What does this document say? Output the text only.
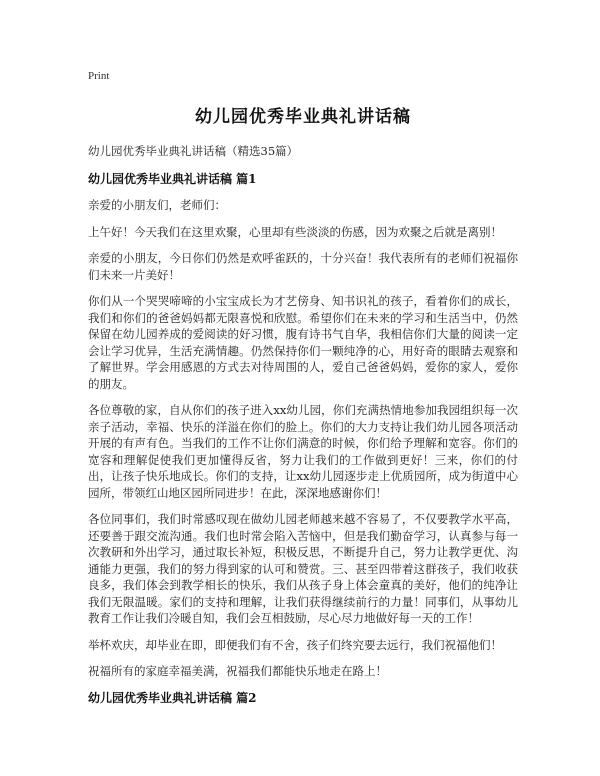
Print
幼儿园优秀毕业典礼讲话稿

幼儿园优秀毕业典礼讲话稿（精选35篇）

幼儿园优秀毕业典礼讲话稿 篇1

亲爱的小朋友们，老师们：

上午好！今天我们在这里欢聚，心里却有些淡淡的伤感，因为欢聚之后就是离别！

亲爱的小朋友，今日你们仍然是欢呼雀跃的，十分兴奋！我代表所有的老师们祝福你们未来一片美好！

你们从一个哭哭啼啼的小宝宝成长为才艺傍身、知书识礼的孩子，看着你们的成长，我们和你们的爸爸妈妈都无限喜悦和欣慰。希望你们在未来的学习和生活当中，仍然保留在幼儿园养成的爱阅读的好习惯，腹有诗书气自华，我相信你们大量的阅读一定会让学习优异，生活充满情趣。仍然保持你们一颗纯净的心，用好奇的眼睛去观察和了解世界。学会用感恩的方式去对待周围的人，爱自己爸爸妈妈，爱你的家人，爱你的朋友。

各位尊敬的家，自从你们的孩子进入xx幼儿园，你们充满热情地参加我园组织每一次亲子活动，幸福、快乐的洋溢在你们的脸上。你们的大力支持让我们幼儿园各项活动开展的有声有色。当我们的工作不让你们满意的时候，你们给予理解和宽容。你们的宽容和理解促使我们更加懂得反省，努力让我们的工作做到更好！三来，你们的付出，让孩子快乐地成长。你们的支持，让xx幼儿园逐步走上优质园所，成为街道中心园所，带领红山地区园所同进步！在此，深深地感谢你们！

各位同事们，我们时常感叹现在做幼儿园老师越来越不容易了，不仅要教学水平高，还要善于跟交流沟通。我们也时常会陷入苦恼中，但是我们勤奋学习，认真参与每一次教研和外出学习，通过取长补短，积极反思，不断提升自己，努力让教学更优、沟通能力更强，我们的努力得到家的认可和赞赏。三、甚至四带着这群孩子，我们收获良多，我们体会到教学相长的快乐，我们从孩子身上体会童真的美好，他们的纯净让我们无限温暖。家们的支持和理解，让我们获得继续前行的力量！同事们，从事幼儿教育工作让我们冷暖自知，我们会互相鼓励，尽心尽力地做好每一天的工作！

举杯欢庆，却毕业在即，即便我们有不舍，孩子们终究要去远行，我们祝福他们！

祝福所有的家庭幸福美满，祝福我们都能快乐地走在路上！

幼儿园优秀毕业典礼讲话稿 篇2
